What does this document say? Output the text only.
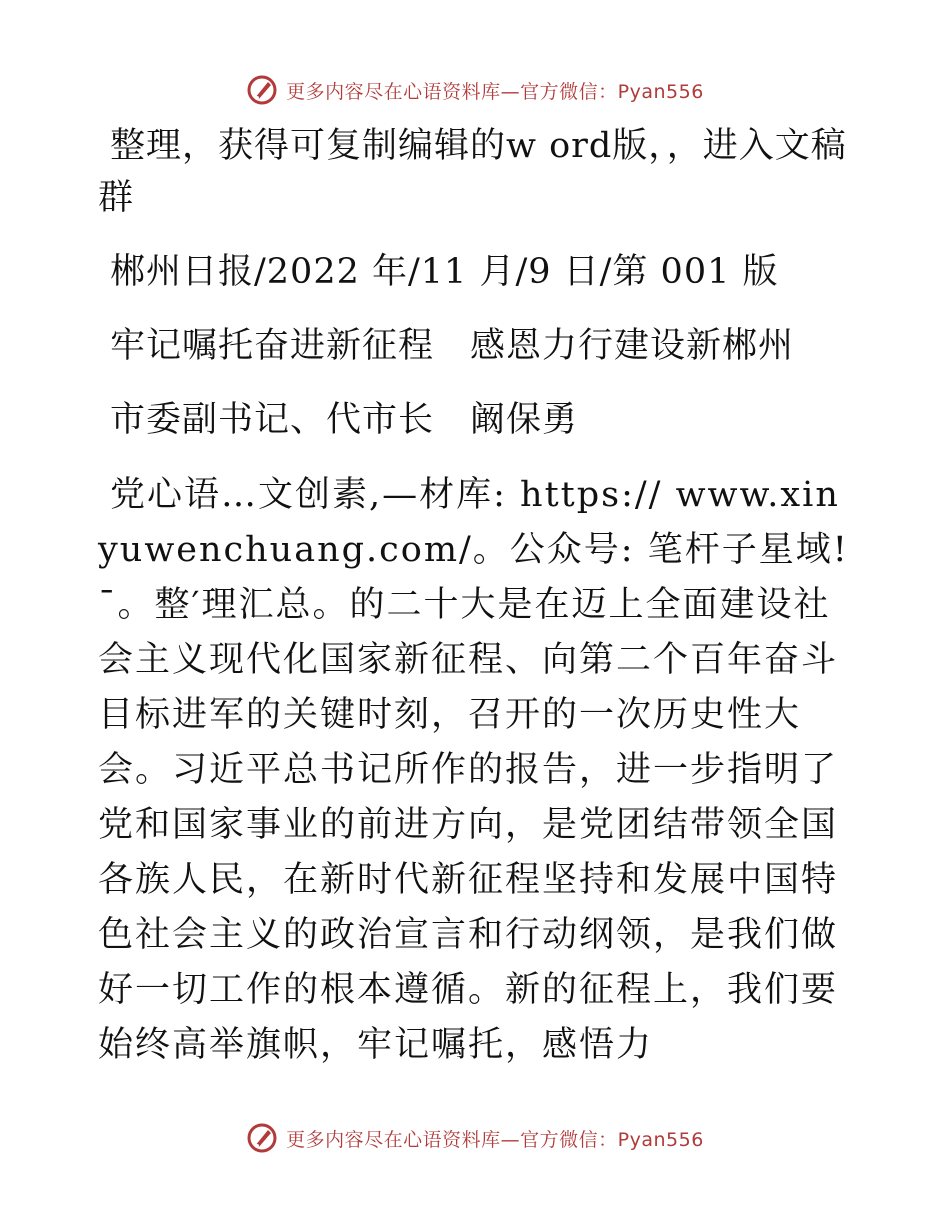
更多内容尽在心语资料库—官方微信：Pyan556

整理，获得可复制编辑的w ord版，，进入文稿群

郴州日报/2022 年/11 月/9 日/第 001 版

牢记嘱托奋进新征程　感恩力行建设新郴州

市委副书记、代市长　阚保勇

党心语…文创素,—材库: https:// www.xinyuwenchuang.com/。公众号: 笔杆子星域!¯。整′理汇总。的二十大是在迈上全面建设社会主义现代化国家新征程、向第二个百年奋斗目标进军的关键时刻，召开的一次历史性大会。习近平总书记所作的报告，进一步指明了党和国家事业的前进方向，是党团结带领全国各族人民，在新时代新征程坚持和发展中国特色社会主义的政治宣言和行动纲领，是我们做好一切工作的根本遵循。新的征程上，我们要始终高举旗帜，牢记嘱托，感悟力

更多内容尽在心语资料库—官方微信：Pyan556
